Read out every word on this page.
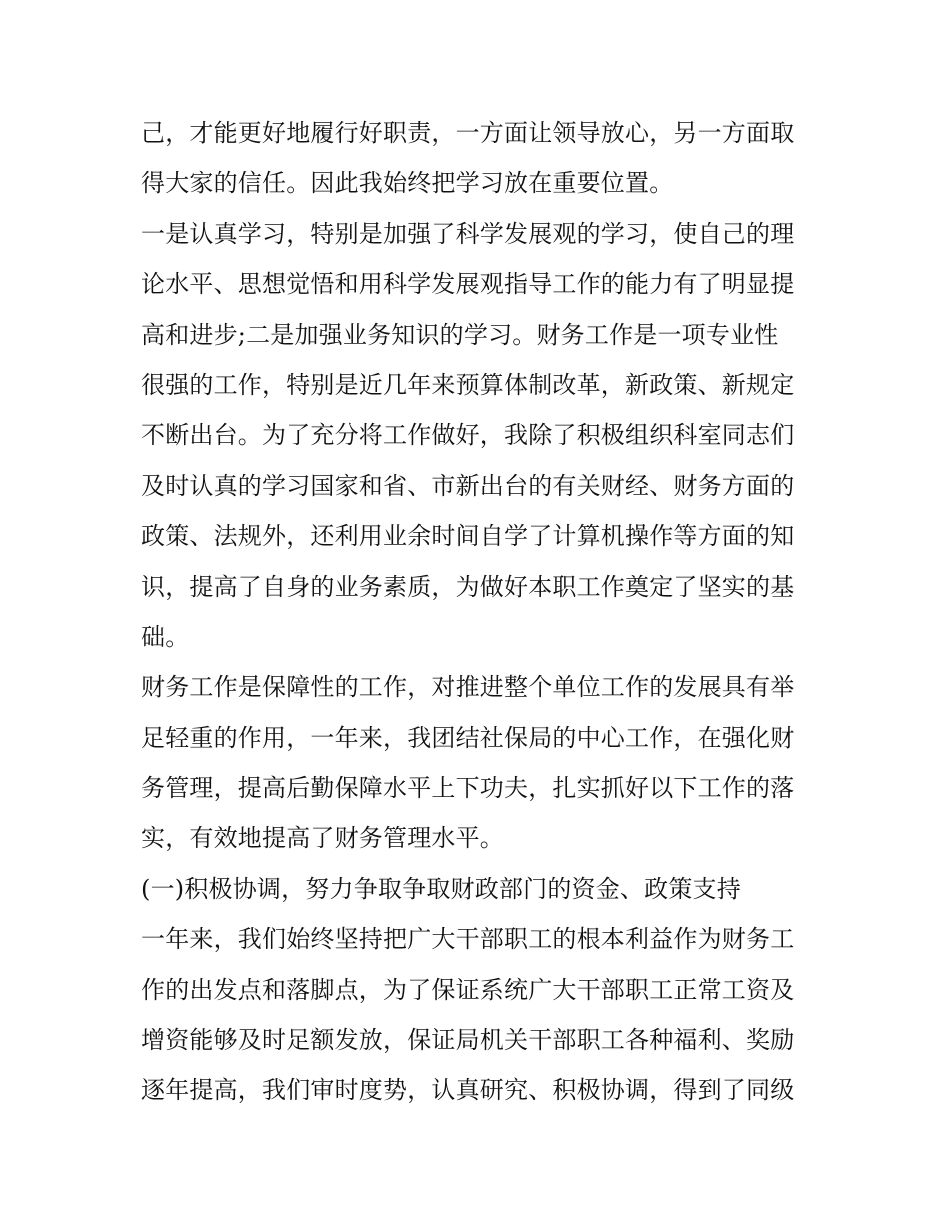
己，才能更好地履行好职责，一方面让领导放心，另一方面取
得大家的信任。因此我始终把学习放在重要位置。
一是认真学习，特别是加强了科学发展观的学习，使自己的理
论水平、思想觉悟和用科学发展观指导工作的能力有了明显提
高和进步;二是加强业务知识的学习。财务工作是一项专业性
很强的工作，特别是近几年来预算体制改革，新政策、新规定
不断出台。为了充分将工作做好，我除了积极组织科室同志们
及时认真的学习国家和省、市新出台的有关财经、财务方面的
政策、法规外，还利用业余时间自学了计算机操作等方面的知
识，提高了自身的业务素质，为做好本职工作奠定了坚实的基
础。
财务工作是保障性的工作，对推进整个单位工作的发展具有举
足轻重的作用，一年来，我团结社保局的中心工作，在强化财
务管理，提高后勤保障水平上下功夫，扎实抓好以下工作的落
实，有效地提高了财务管理水平。
(一)积极协调，努力争取争取财政部门的资金、政策支持
一年来，我们始终坚持把广大干部职工的根本利益作为财务工
作的出发点和落脚点，为了保证系统广大干部职工正常工资及
增资能够及时足额发放，保证局机关干部职工各种福利、奖励
逐年提高，我们审时度势，认真研究、积极协调，得到了同级
